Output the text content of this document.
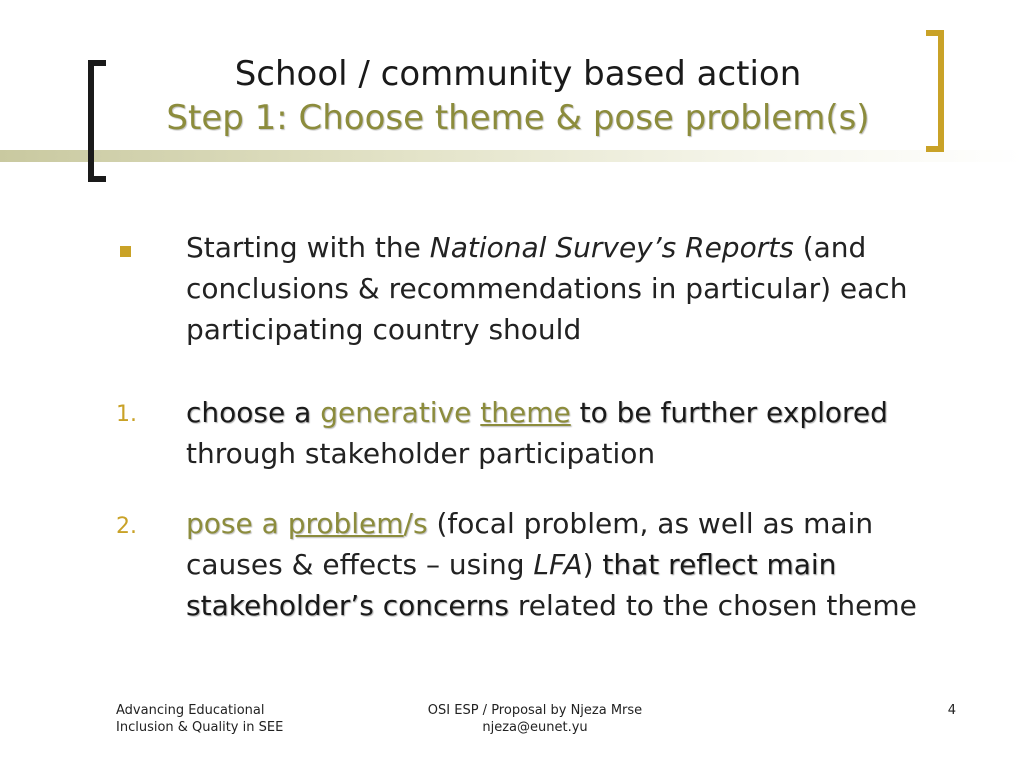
School / community based action
Step 1: Choose theme & pose problem(s)
Starting with the National Survey’s Reports (and conclusions & recommendations in particular) each participating country should
1. choose a generative theme to be further explored through stakeholder participation
2. pose a problem/s (focal problem, as well as main causes & effects – using LFA) that reflect main stakeholder’s concerns related to the chosen theme
Advancing Educational
Inclusion & Quality in SEE
OSI ESP / Proposal by Njeza Mrse
njeza@eunet.yu
4
